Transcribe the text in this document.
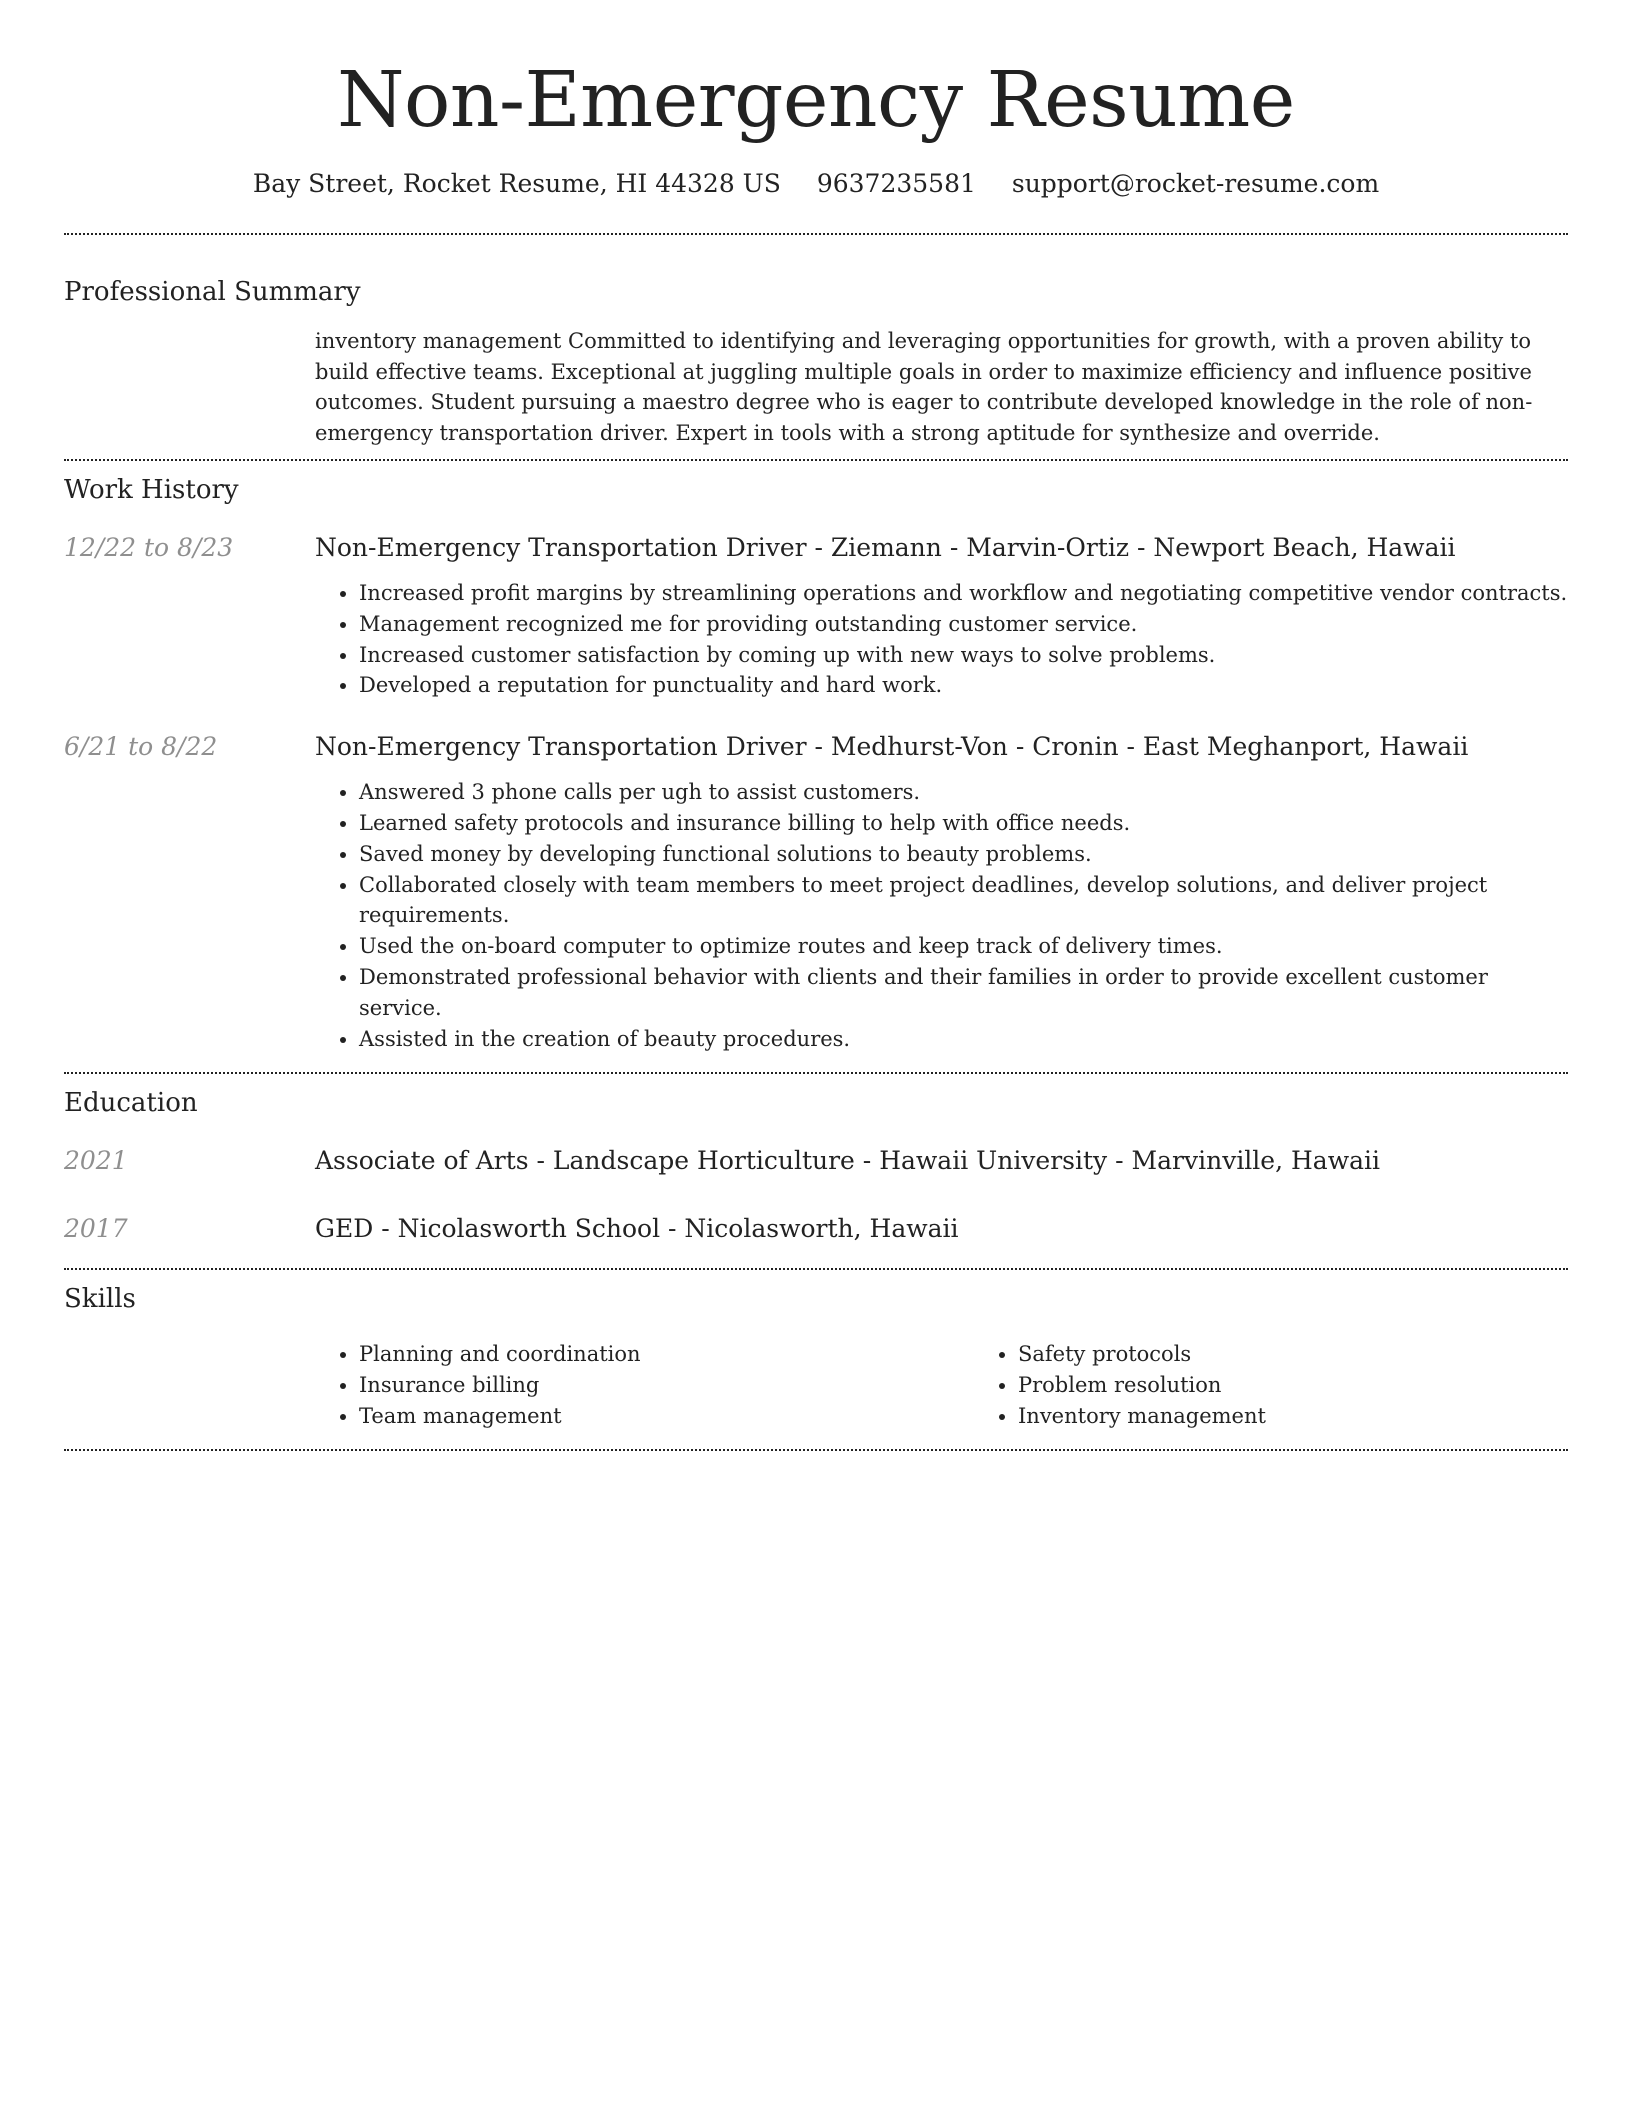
Non-Emergency Resume
Bay Street, Rocket Resume, HI 44328 US 9637235581 support@rocket-resume.com
Professional Summary

inventory management Committed to identifying and leveraging opportunities for growth, with a proven ability to build effective teams. Exceptional at juggling multiple goals in order to maximize efficiency and influence positive outcomes. Student pursuing a maestro degree who is eager to contribute developed knowledge in the role of non-emergency transportation driver. Expert in tools with a strong aptitude for synthesize and override.

Work History
12/22 to 8/23	Non-Emergency Transportation Driver - Ziemann - Marvin-Ortiz - Newport Beach, Hawaii
• Increased profit margins by streamlining operations and workflow and negotiating competitive vendor contracts.
• Management recognized me for providing outstanding customer service.
• Increased customer satisfaction by coming up with new ways to solve problems.
• Developed a reputation for punctuality and hard work.
6/21 to 8/22	Non-Emergency Transportation Driver - Medhurst-Von - Cronin - East Meghanport, Hawaii
• Answered 3 phone calls per ugh to assist customers.
• Learned safety protocols and insurance billing to help with office needs.
• Saved money by developing functional solutions to beauty problems.
• Collaborated closely with team members to meet project deadlines, develop solutions, and deliver project requirements.
• Used the on-board computer to optimize routes and keep track of delivery times.
• Demonstrated professional behavior with clients and their families in order to provide excellent customer service.
• Assisted in the creation of beauty procedures.
Education
2021	Associate of Arts - Landscape Horticulture - Hawaii University - Marvinville, Hawaii
2017	GED - Nicolasworth School - Nicolasworth, Hawaii
Skills
• Planning and coordination
• Insurance billing
• Team management
• Safety protocols
• Problem resolution
• Inventory management
